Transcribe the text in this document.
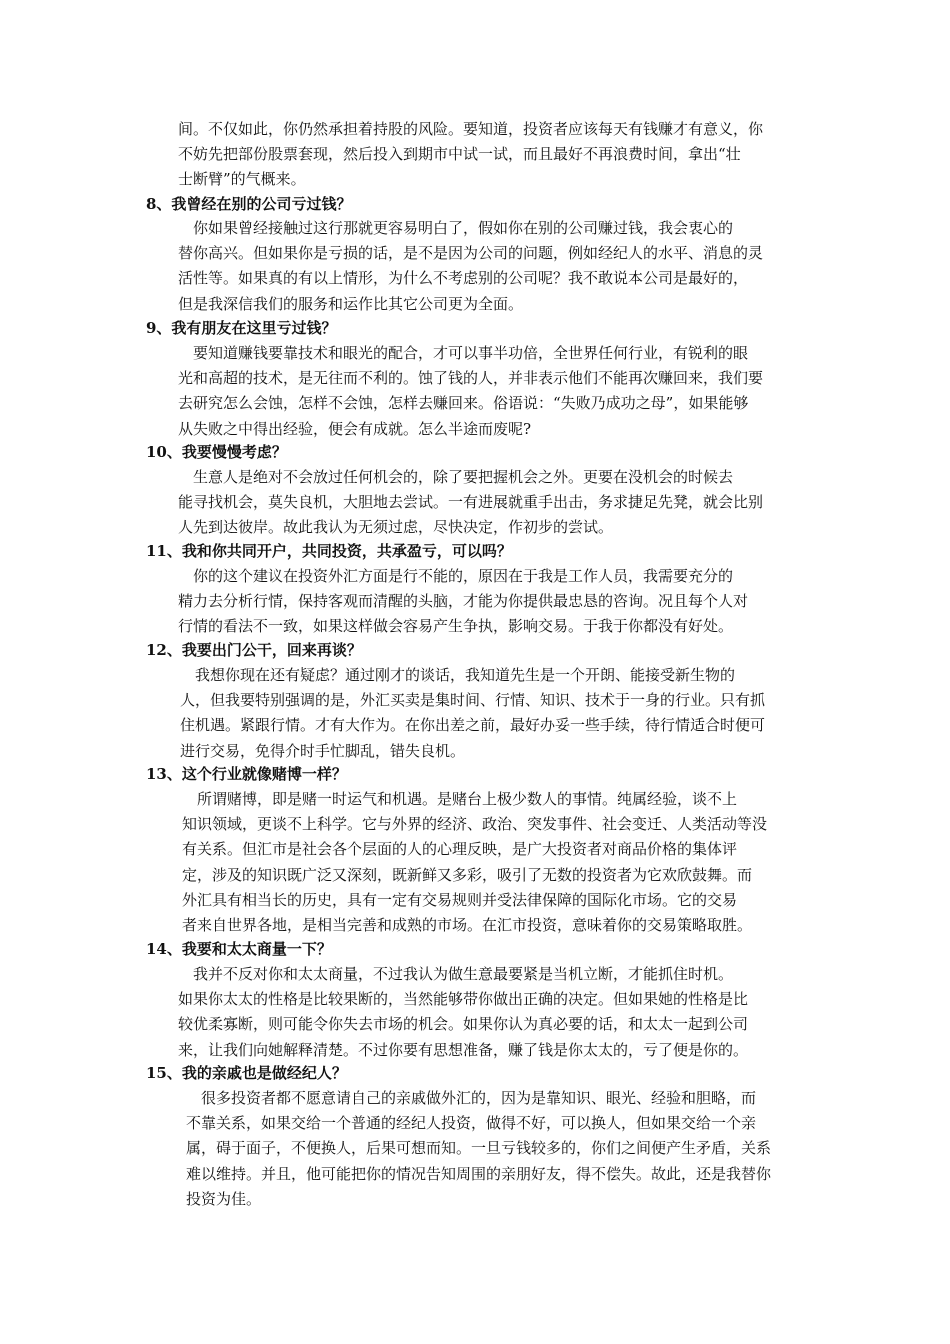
间。不仅如此，你仍然承担着持股的风险。要知道，投资者应该每天有钱赚才有意义，你
不妨先把部份股票套现，然后投入到期市中试一试，而且最好不再浪费时间，拿出“壮
士断臂”的气概来。
8、我曾经在别的公司亏过钱？
　你如果曾经接触过这行那就更容易明白了，假如你在别的公司赚过钱，我会衷心的
替你高兴。但如果你是亏损的话，是不是因为公司的问题，例如经纪人的水平、消息的灵
活性等。如果真的有以上情形，为什么不考虑别的公司呢？我不敢说本公司是最好的，
但是我深信我们的服务和运作比其它公司更为全面。
9、我有朋友在这里亏过钱？
　要知道赚钱要靠技术和眼光的配合，才可以事半功倍，全世界任何行业，有锐利的眼
光和高超的技术，是无往而不利的。蚀了钱的人，并非表示他们不能再次赚回来，我们要
去研究怎么会蚀，怎样不会蚀，怎样去赚回来。俗语说：“失败乃成功之母”，如果能够
从失败之中得出经验，便会有成就。怎么半途而废呢?
10、我要慢慢考虑？
　生意人是绝对不会放过任何机会的，除了要把握机会之外。更要在没机会的时候去
能寻找机会，莫失良机，大胆地去尝试。一有进展就重手出击，务求捷足先凳，就会比别
人先到达彼岸。故此我认为无须过虑，尽快决定，作初步的尝试。
11、我和你共同开户，共同投资，共承盈亏，可以吗？
　你的这个建议在投资外汇方面是行不能的，原因在于我是工作人员，我需要充分的
精力去分析行情，保持客观而清醒的头脑，才能为你提供最忠恳的咨询。况且每个人对
行情的看法不一致，如果这样做会容易产生争执，影响交易。于我于你都没有好处。
12、我要出门公干，回来再谈？
　我想你现在还有疑虑？通过刚才的谈话，我知道先生是一个开朗、能接受新生物的
人，但我要特别强调的是，外汇买卖是集时间、行情、知识、技术于一身的行业。只有抓
住机遇。紧跟行情。才有大作为。在你出差之前，最好办妥一些手续，待行情适合时便可
进行交易，免得介时手忙脚乱，错失良机。
13、这个行业就像赌博一样？
　所谓赌博，即是赌一时运气和机遇。是赌台上极少数人的事情。纯属经验，谈不上
知识领域，更谈不上科学。它与外界的经济、政治、突发事件、社会变迁、人类活动等没
有关系。但汇市是社会各个层面的人的心理反映，是广大投资者对商品价格的集体评
定，涉及的知识既广泛又深刻，既新鲜又多彩，吸引了无数的投资者为它欢欣鼓舞。而
外汇具有相当长的历史，具有一定有交易规则并受法律保障的国际化市场。它的交易
者来自世界各地，是相当完善和成熟的市场。在汇市投资，意味着你的交易策略取胜。
14、我要和太太商量一下？
　我并不反对你和太太商量，不过我认为做生意最要紧是当机立断，才能抓住时机。
如果你太太的性格是比较果断的，当然能够带你做出正确的决定。但如果她的性格是比
较优柔寡断，则可能令你失去市场的机会。如果你认为真必要的话，和太太一起到公司
来，让我们向她解释清楚。不过你要有思想准备，赚了钱是你太太的，亏了便是你的。
15、我的亲戚也是做经纪人？
　很多投资者都不愿意请自己的亲戚做外汇的，因为是靠知识、眼光、经验和胆略，而
不靠关系，如果交给一个普通的经纪人投资，做得不好，可以换人，但如果交给一个亲
属，碍于面子，不便换人，后果可想而知。一旦亏钱较多的，你们之间便产生矛盾，关系
难以维持。并且，他可能把你的情况告知周围的亲朋好友，得不偿失。故此，还是我替你
投资为佳。
